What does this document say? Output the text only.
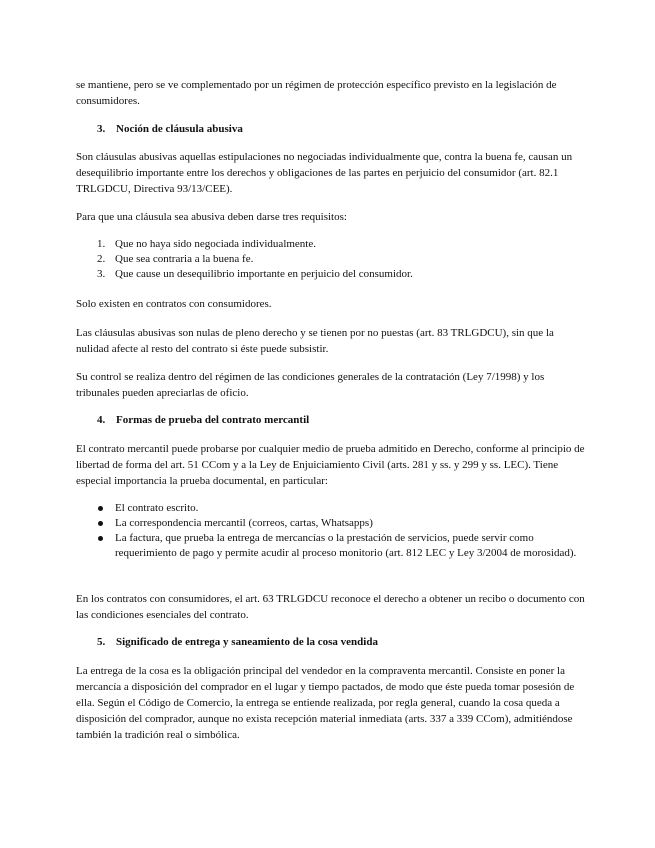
se mantiene, pero se ve complementado por un régimen de protección específico previsto en la legislación de consumidores.

3. Noción de cláusula abusiva

Son cláusulas abusivas aquellas estipulaciones no negociadas individualmente que, contra la buena fe, causan un desequilibrio importante entre los derechos y obligaciones de las partes en perjuicio del consumidor (art. 82.1 TRLGDCU, Directiva 93/13/CEE).

Para que una cláusula sea abusiva deben darse tres requisitos:

1. Que no haya sido negociada individualmente.
2. Que sea contraria a la buena fe.
3. Que cause un desequilibrio importante en perjuicio del consumidor.

Solo existen en contratos con consumidores.

Las cláusulas abusivas son nulas de pleno derecho y se tienen por no puestas (art. 83 TRLGDCU), sin que la nulidad afecte al resto del contrato si éste puede subsistir.

Su control se realiza dentro del régimen de las condiciones generales de la contratación (Ley 7/1998) y los tribunales pueden apreciarlas de oficio.

4. Formas de prueba del contrato mercantil

El contrato mercantil puede probarse por cualquier medio de prueba admitido en Derecho, conforme al principio de libertad de forma del art. 51 CCom y a la Ley de Enjuiciamiento Civil (arts. 281 y ss. y 299 y ss. LEC). Tiene especial importancia la prueba documental, en particular:

El contrato escrito.
La correspondencia mercantil (correos, cartas, Whatsapps)
La factura, que prueba la entrega de mercancías o la prestación de servicios, puede servir como requerimiento de pago y permite acudir al proceso monitorio (art. 812 LEC y Ley 3/2004 de morosidad).

En los contratos con consumidores, el art. 63 TRLGDCU reconoce el derecho a obtener un recibo o documento con las condiciones esenciales del contrato.

5. Significado de entrega y saneamiento de la cosa vendida

La entrega de la cosa es la obligación principal del vendedor en la compraventa mercantil. Consiste en poner la mercancía a disposición del comprador en el lugar y tiempo pactados, de modo que éste pueda tomar posesión de ella. Según el Código de Comercio, la entrega se entiende realizada, por regla general, cuando la cosa queda a disposición del comprador, aunque no exista recepción material inmediata (arts. 337 a 339 CCom), admitiéndose también la tradición real o simbólica.
